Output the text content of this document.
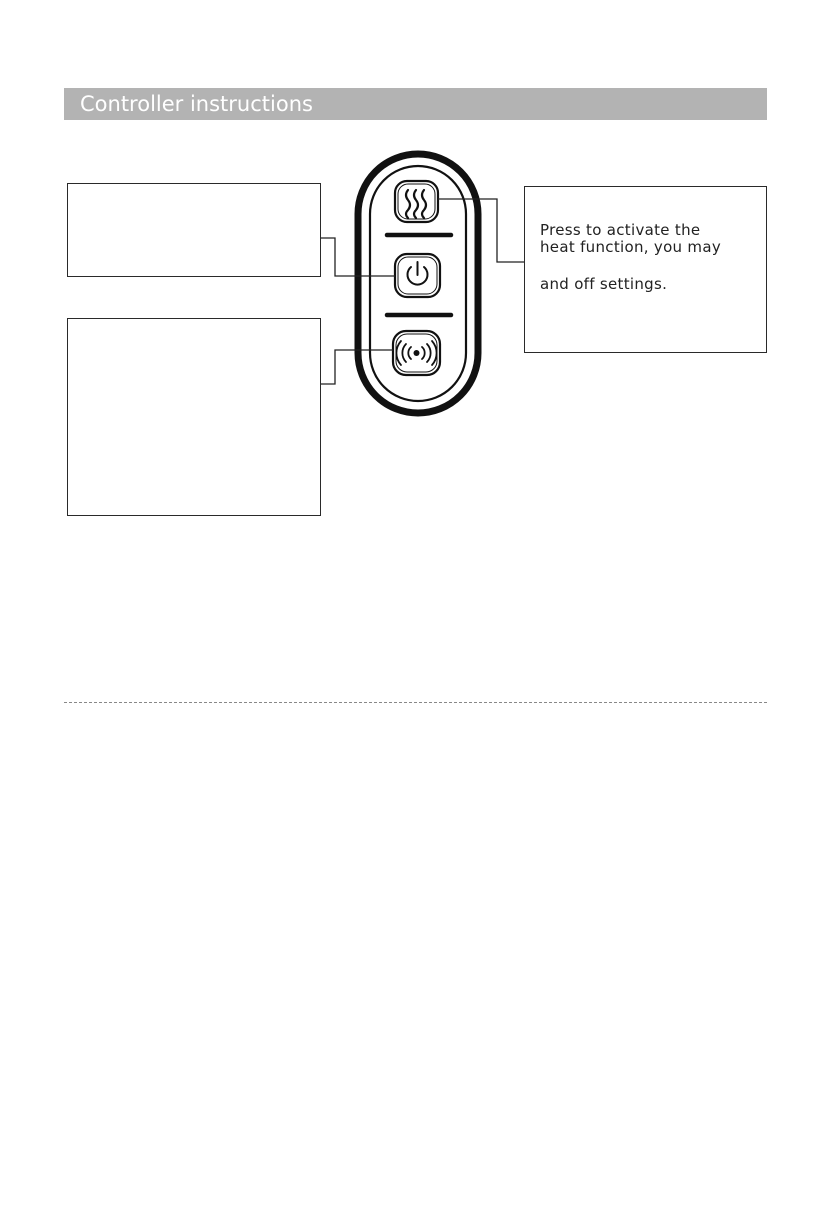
Controller instructions
Press to activate the
heat function, you may
and off settings.
